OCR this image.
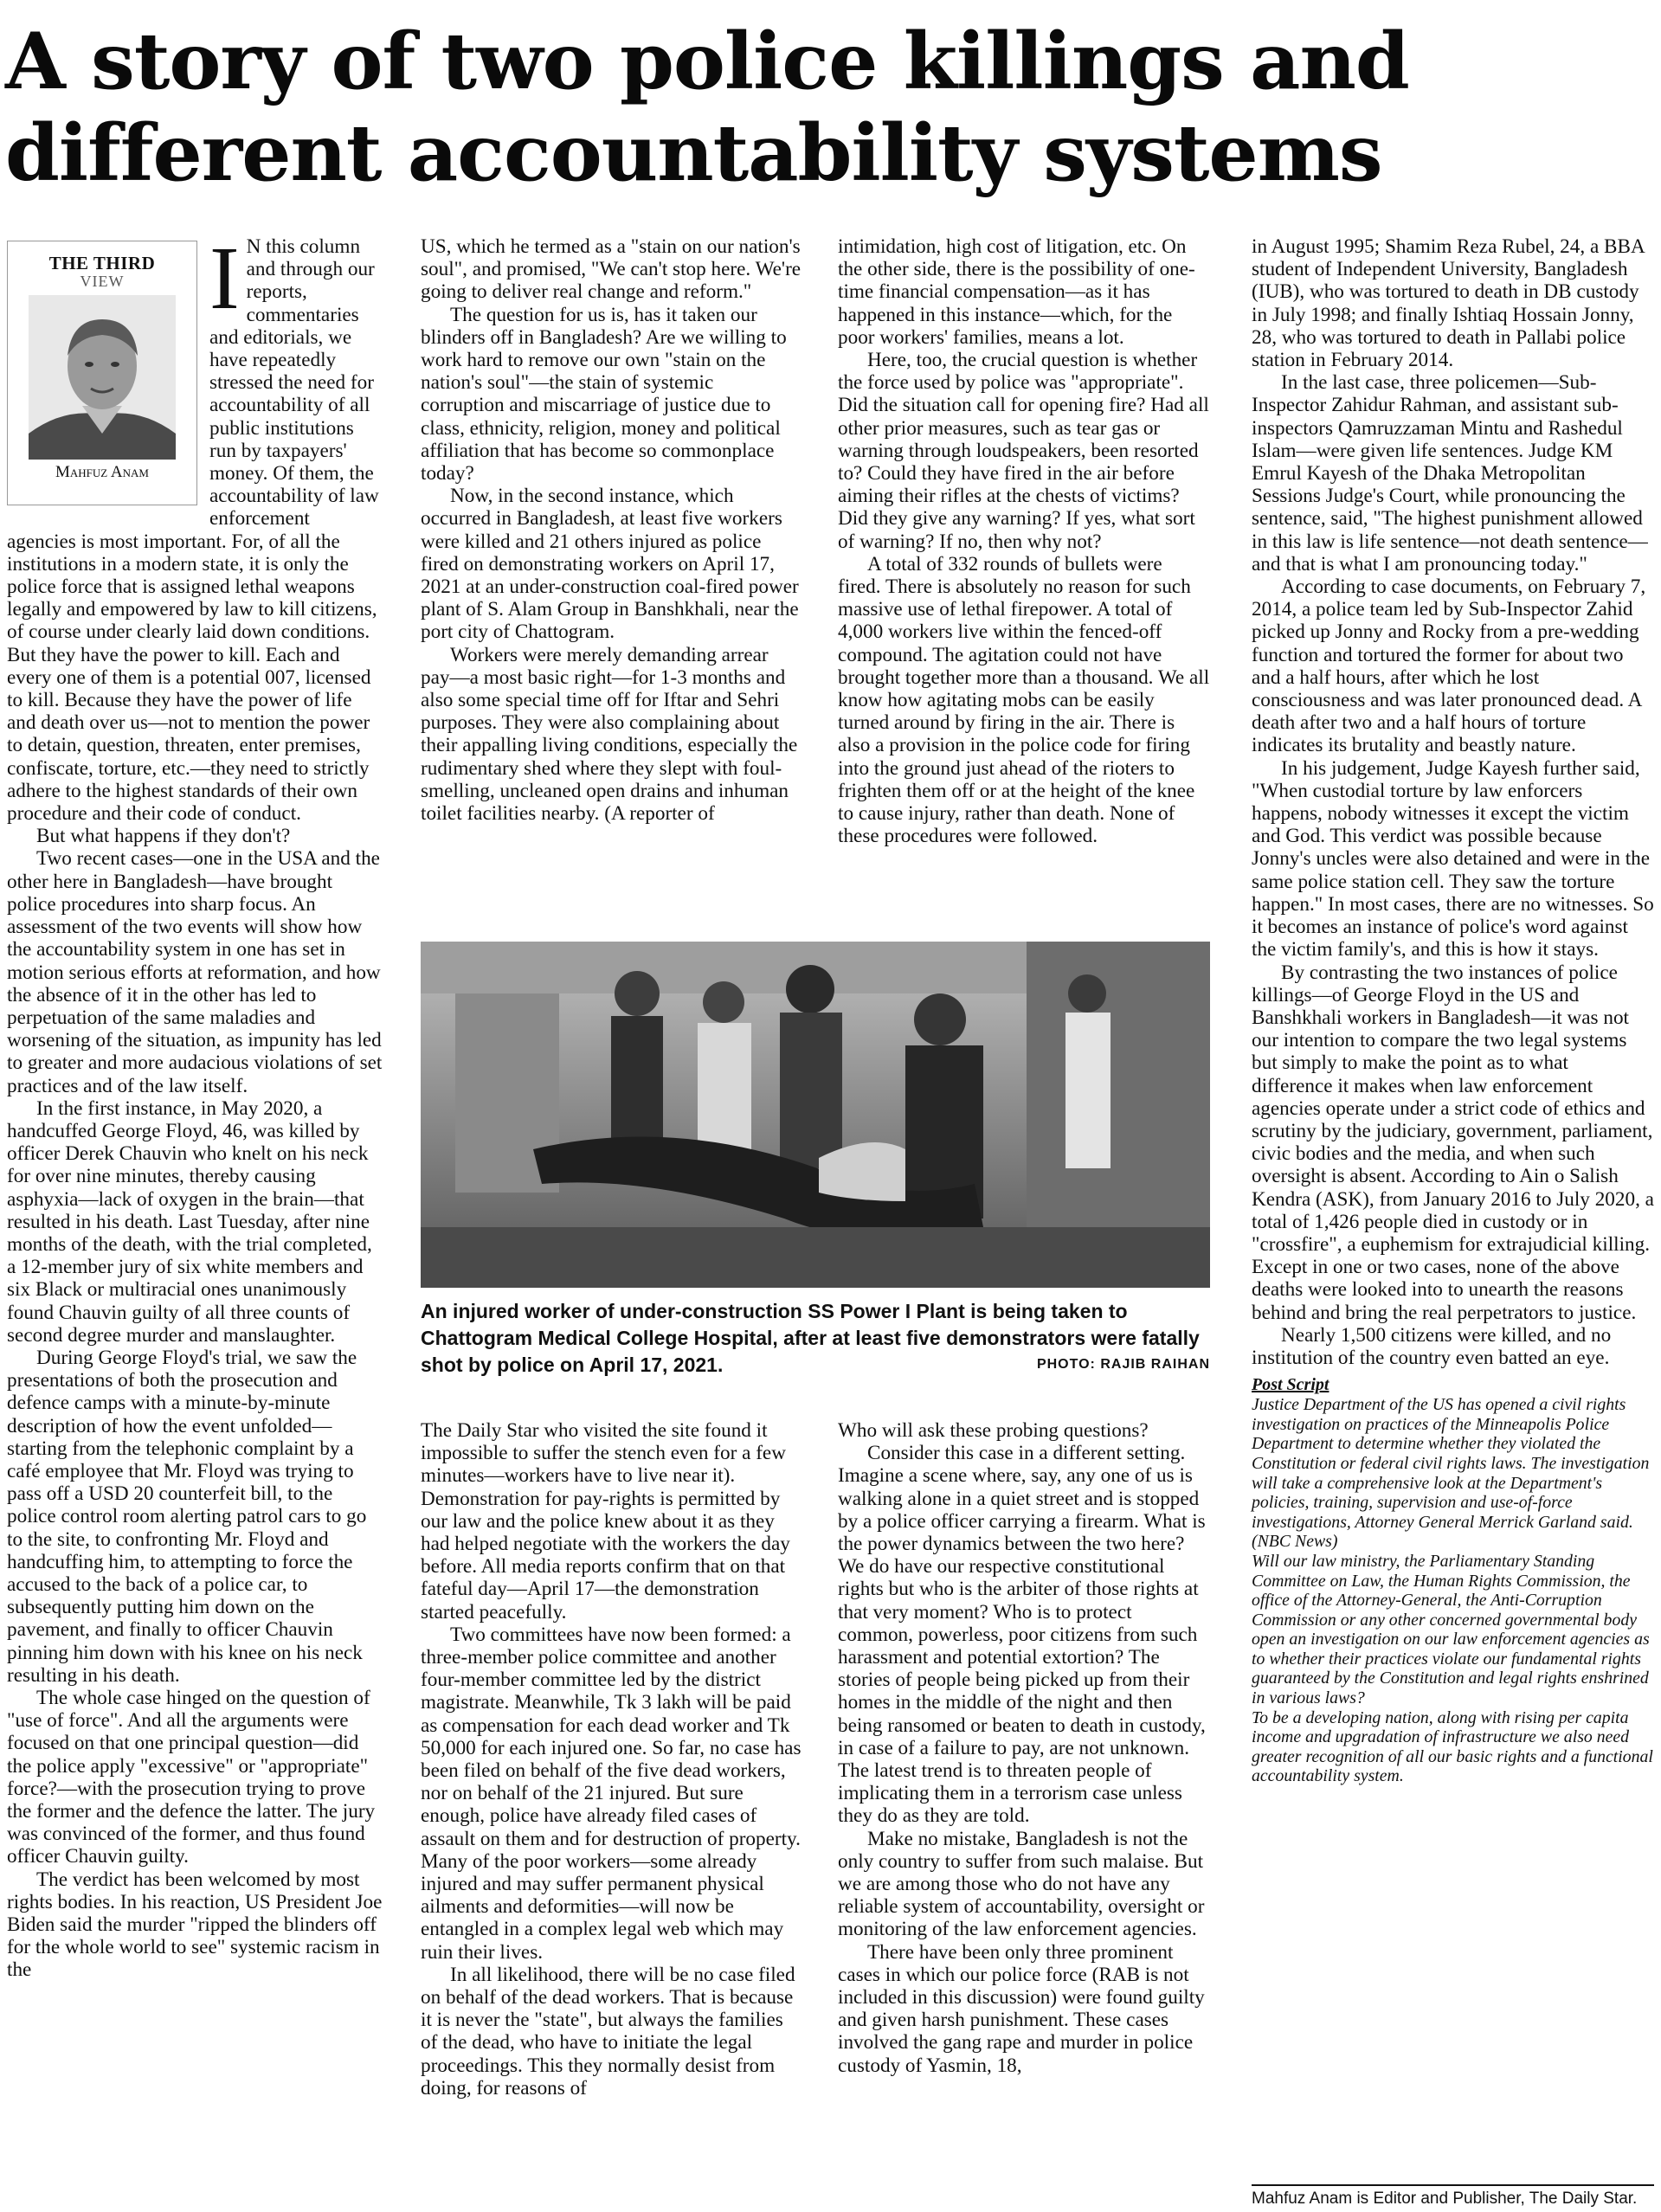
A story of two police killings and different accountability systems
THE THIRD
VIEW
Mahfuz Anam
I N this column and through our reports, commentaries and editorials, we have repeatedly stressed the need for accountability of all public institutions run by taxpayers' money. Of them, the accountability of law enforcement agencies is most important. For, of all the institutions in a modern state, it is only the police force that is assigned lethal weapons legally and empowered by law to kill citizens, of course under clearly laid down conditions. But they have the power to kill. Each and every one of them is a potential 007, licensed to kill. Because they have the power of life and death over us—not to mention the power to detain, question, threaten, enter premises, confiscate, torture, etc.—they need to strictly adhere to the highest standards of their own procedure and their code of conduct.

But what happens if they don't?

Two recent cases—one in the USA and the other here in Bangladesh—have brought police procedures into sharp focus. An assessment of the two events will show how the accountability system in one has set in motion serious efforts at reformation, and how the absence of it in the other has led to perpetuation of the same maladies and worsening of the situation, as impunity has led to greater and more audacious violations of set practices and of the law itself.

In the first instance, in May 2020, a handcuffed George Floyd, 46, was killed by officer Derek Chauvin who knelt on his neck for over nine minutes, thereby causing asphyxia—lack of oxygen in the brain—that resulted in his death. Last Tuesday, after nine months of the death, with the trial completed, a 12-member jury of six white members and six Black or multiracial ones unanimously found Chauvin guilty of all three counts of second degree murder and manslaughter.

During George Floyd's trial, we saw the presentations of both the prosecution and defence camps with a minute-by-minute description of how the event unfolded—starting from the telephonic complaint by a café employee that Mr. Floyd was trying to pass off a USD 20 counterfeit bill, to the police control room alerting patrol cars to go to the site, to confronting Mr. Floyd and handcuffing him, to attempting to force the accused to the back of a police car, to subsequently putting him down on the pavement, and finally to officer Chauvin pinning him down with his knee on his neck resulting in his death.

The whole case hinged on the question of "use of force". And all the arguments were focused on that one principal question—did the police apply "excessive" or "appropriate" force?—with the prosecution trying to prove the former and the defence the latter. The jury was convinced of the former, and thus found officer Chauvin guilty.

The verdict has been welcomed by most rights bodies. In his reaction, US President Joe Biden said the murder "ripped the blinders off for the whole world to see" systemic racism in the

US, which he termed as a "stain on our nation's soul", and promised, "We can't stop here. We're going to deliver real change and reform."

The question for us is, has it taken our blinders off in Bangladesh? Are we willing to work hard to remove our own "stain on the nation's soul"—the stain of systemic corruption and miscarriage of justice due to class, ethnicity, religion, money and political affiliation that has become so commonplace today?

Now, in the second instance, which occurred in Bangladesh, at least five workers were killed and 21 others injured as police fired on demonstrating workers on April 17, 2021 at an under-construction coal-fired power plant of S. Alam Group in Banshkhali, near the port city of Chattogram.

Workers were merely demanding arrear pay—a most basic right—for 1-3 months and also some special time off for Iftar and Sehri purposes. They were also complaining about their appalling living conditions, especially the rudimentary shed where they slept with foul-smelling, uncleaned open drains and inhuman toilet facilities nearby. (A reporter of

intimidation, high cost of litigation, etc. On the other side, there is the possibility of one-time financial compensation—as it has happened in this instance—which, for the poor workers' families, means a lot.

Here, too, the crucial question is whether the force used by police was "appropriate". Did the situation call for opening fire? Had all other prior measures, such as tear gas or warning through loudspeakers, been resorted to? Could they have fired in the air before aiming their rifles at the chests of victims? Did they give any warning? If yes, what sort of warning? If no, then why not?

A total of 332 rounds of bullets were fired. There is absolutely no reason for such massive use of lethal firepower. A total of 4,000 workers live within the fenced-off compound. The agitation could not have brought together more than a thousand. We all know how agitating mobs can be easily turned around by firing in the air. There is also a provision in the police code for firing into the ground just ahead of the rioters to frighten them off or at the height of the knee to cause injury, rather than death. None of these procedures were followed.

An injured worker of under-construction SS Power I Plant is being taken to Chattogram Medical College Hospital, after at least five demonstrators were fatally shot by police on April 17, 2021.	PHOTO: RAJIB RAIHAN

The Daily Star who visited the site found it impossible to suffer the stench even for a few minutes—workers have to live near it). Demonstration for pay-rights is permitted by our law and the police knew about it as they had helped negotiate with the workers the day before. All media reports confirm that on that fateful day—April 17—the demonstration started peacefully.

Two committees have now been formed: a three-member police committee and another four-member committee led by the district magistrate. Meanwhile, Tk 3 lakh will be paid as compensation for each dead worker and Tk 50,000 for each injured one. So far, no case has been filed on behalf of the five dead workers, nor on behalf of the 21 injured. But sure enough, police have already filed cases of assault on them and for destruction of property. Many of the poor workers—some already injured and may suffer permanent physical ailments and deformities—will now be entangled in a complex legal web which may ruin their lives.

In all likelihood, there will be no case filed on behalf of the dead workers. That is because it is never the "state", but always the families of the dead, who have to initiate the legal proceedings. This they normally desist from doing, for reasons of

Who will ask these probing questions?

Consider this case in a different setting. Imagine a scene where, say, any one of us is walking alone in a quiet street and is stopped by a police officer carrying a firearm. What is the power dynamics between the two here? We do have our respective constitutional rights but who is the arbiter of those rights at that very moment? Who is to protect common, powerless, poor citizens from such harassment and potential extortion? The stories of people being picked up from their homes in the middle of the night and then being ransomed or beaten to death in custody, in case of a failure to pay, are not unknown. The latest trend is to threaten people of implicating them in a terrorism case unless they do as they are told.

Make no mistake, Bangladesh is not the only country to suffer from such malaise. But we are among those who do not have any reliable system of accountability, oversight or monitoring of the law enforcement agencies.

There have been only three prominent cases in which our police force (RAB is not included in this discussion) were found guilty and given harsh punishment. These cases involved the gang rape and murder in police custody of Yasmin, 18,

in August 1995; Shamim Reza Rubel, 24, a BBA student of Independent University, Bangladesh (IUB), who was tortured to death in DB custody in July 1998; and finally Ishtiaq Hossain Jonny, 28, who was tortured to death in Pallabi police station in February 2014.

In the last case, three policemen—Sub-Inspector Zahidur Rahman, and assistant sub-inspectors Qamruzzaman Mintu and Rashedul Islam—were given life sentences. Judge KM Emrul Kayesh of the Dhaka Metropolitan Sessions Judge's Court, while pronouncing the sentence, said, "The highest punishment allowed in this law is life sentence—not death sentence—and that is what I am pronouncing today."

According to case documents, on February 7, 2014, a police team led by Sub-Inspector Zahid picked up Jonny and Rocky from a pre-wedding function and tortured the former for about two and a half hours, after which he lost consciousness and was later pronounced dead. A death after two and a half hours of torture indicates its brutality and beastly nature.

In his judgement, Judge Kayesh further said, "When custodial torture by law enforcers happens, nobody witnesses it except the victim and God. This verdict was possible because Jonny's uncles were also detained and were in the same police station cell. They saw the torture happen." In most cases, there are no witnesses. So it becomes an instance of police's word against the victim family's, and this is how it stays.

By contrasting the two instances of police killings—of George Floyd in the US and Banshkhali workers in Bangladesh—it was not our intention to compare the two legal systems but simply to make the point as to what difference it makes when law enforcement agencies operate under a strict code of ethics and scrutiny by the judiciary, government, parliament, civic bodies and the media, and when such oversight is absent. According to Ain o Salish Kendra (ASK), from January 2016 to July 2020, a total of 1,426 people died in custody or in "crossfire", a euphemism for extrajudicial killing. Except in one or two cases, none of the above deaths were looked into to unearth the reasons behind and bring the real perpetrators to justice.

Nearly 1,500 citizens were killed, and no institution of the country even batted an eye.

Post Script

Justice Department of the US has opened a civil rights investigation on practices of the Minneapolis Police Department to determine whether they violated the Constitution or federal civil rights laws. The investigation will take a comprehensive look at the Department's policies, training, supervision and use-of-force investigations, Attorney General Merrick Garland said. (NBC News)

Will our law ministry, the Parliamentary Standing Committee on Law, the Human Rights Commission, the office of the Attorney-General, the Anti-Corruption Commission or any other concerned governmental body open an investigation on our law enforcement agencies as to whether their practices violate our fundamental rights guaranteed by the Constitution and legal rights enshrined in various laws?

To be a developing nation, along with rising per capita income and upgradation of infrastructure we also need greater recognition of all our basic rights and a functional accountability system.

Mahfuz Anam is Editor and Publisher, The Daily Star.
